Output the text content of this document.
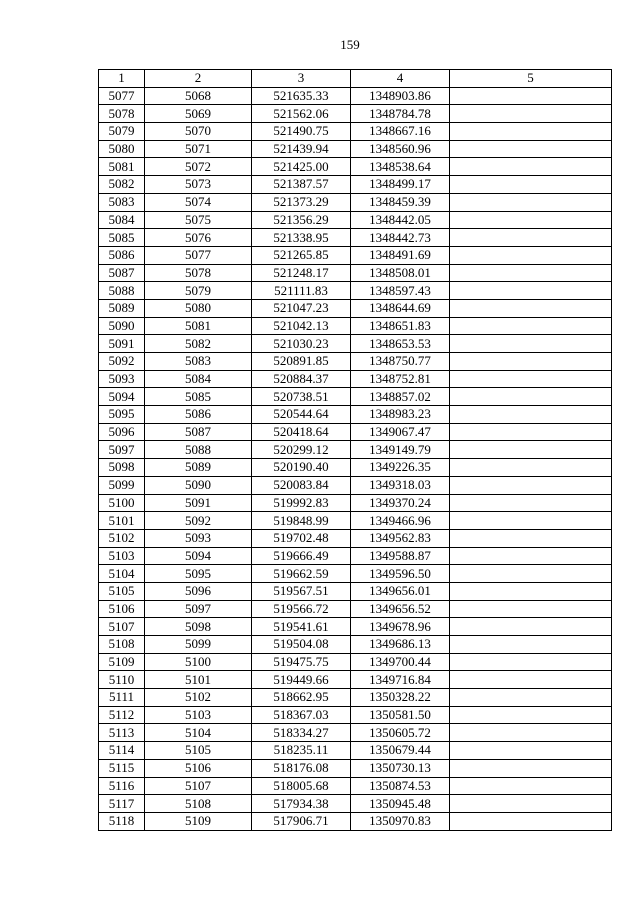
159
1	2	3	4	5
5077	5068	521635.33	1348903.86	
5078	5069	521562.06	1348784.78	
5079	5070	521490.75	1348667.16	
5080	5071	521439.94	1348560.96	
5081	5072	521425.00	1348538.64	
5082	5073	521387.57	1348499.17	
5083	5074	521373.29	1348459.39	
5084	5075	521356.29	1348442.05	
5085	5076	521338.95	1348442.73	
5086	5077	521265.85	1348491.69	
5087	5078	521248.17	1348508.01	
5088	5079	521111.83	1348597.43	
5089	5080	521047.23	1348644.69	
5090	5081	521042.13	1348651.83	
5091	5082	521030.23	1348653.53	
5092	5083	520891.85	1348750.77	
5093	5084	520884.37	1348752.81	
5094	5085	520738.51	1348857.02	
5095	5086	520544.64	1348983.23	
5096	5087	520418.64	1349067.47	
5097	5088	520299.12	1349149.79	
5098	5089	520190.40	1349226.35	
5099	5090	520083.84	1349318.03	
5100	5091	519992.83	1349370.24	
5101	5092	519848.99	1349466.96	
5102	5093	519702.48	1349562.83	
5103	5094	519666.49	1349588.87	
5104	5095	519662.59	1349596.50	
5105	5096	519567.51	1349656.01	
5106	5097	519566.72	1349656.52	
5107	5098	519541.61	1349678.96	
5108	5099	519504.08	1349686.13	
5109	5100	519475.75	1349700.44	
5110	5101	519449.66	1349716.84	
5111	5102	518662.95	1350328.22	
5112	5103	518367.03	1350581.50	
5113	5104	518334.27	1350605.72	
5114	5105	518235.11	1350679.44	
5115	5106	518176.08	1350730.13	
5116	5107	518005.68	1350874.53	
5117	5108	517934.38	1350945.48	
5118	5109	517906.71	1350970.83	
